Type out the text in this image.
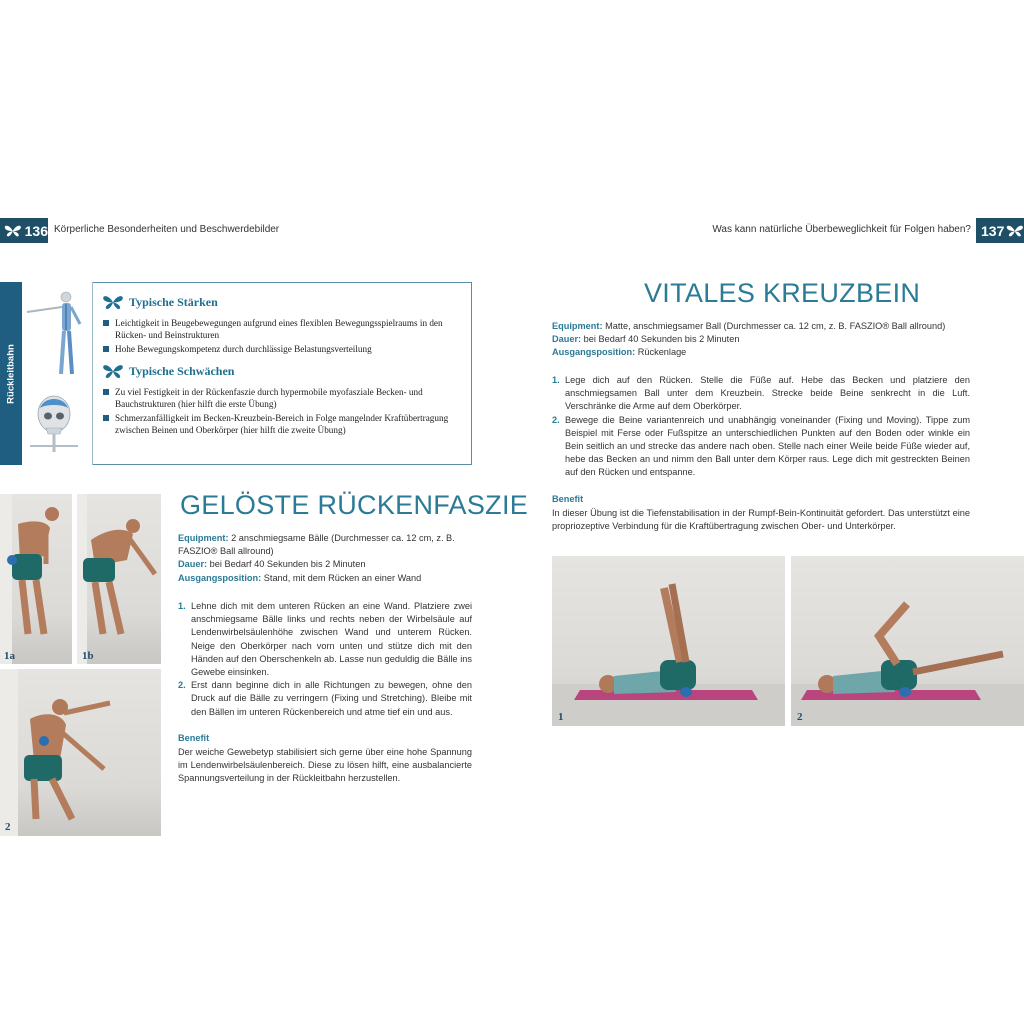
136 Körperliche Besonderheiten und Beschwerdebilder	Was kann natürliche Überbeweglichkeit für Folgen haben? 137
Rückleitbahn
Typische Stärken
Leichtigkeit in Beugebewegungen aufgrund eines flexiblen Bewegungsspielraums in den Rücken- und Beinstrukturen
Hohe Bewegungskompetenz durch durchlässige Belastungsverteilung
Typische Schwächen
Zu viel Festigkeit in der Rückenfaszie durch hypermobile myofasziale Becken- und Bauchstrukturen (hier hilft die erste Übung)
Schmerzanfälligkeit im Becken-Kreuzbein-Bereich in Folge mangelnder Kraftübertragung zwischen Beinen und Oberkörper (hier hilft die zweite Übung)
1a	1b
2
GELÖSTE RÜCKENFASZIE
Equipment: 2 anschmiegsame Bälle (Durchmesser ca. 12 cm, z. B. FASZIO® Ball allround)
Dauer: bei Bedarf 40 Sekunden bis 2 Minuten
Ausgangsposition: Stand, mit dem Rücken an einer Wand
1. Lehne dich mit dem unteren Rücken an eine Wand. Platziere zwei anschmiegsame Bälle links und rechts neben der Wirbelsäule auf Lendenwirbelsäulenhöhe zwischen Wand und unterem Rücken. Neige den Oberkörper nach vorn unten und stütze dich mit den Händen auf den Oberschenkeln ab. Lasse nun geduldig die Bälle ins Gewebe einsinken.
2. Erst dann beginne dich in alle Richtungen zu bewegen, ohne den Druck auf die Bälle zu verringern (Fixing und Stretching). Bleibe mit den Bällen im unteren Rückenbereich und atme tief ein und aus.
Benefit
Der weiche Gewebetyp stabilisiert sich gerne über eine hohe Spannung im Lendenwirbelsäulenbereich. Diese zu lösen hilft, eine ausbalancierte Spannungsverteilung in der Rückleitbahn herzustellen.
VITALES KREUZBEIN
Equipment: Matte, anschmiegsamer Ball (Durchmesser ca. 12 cm, z. B. FASZIO® Ball allround)
Dauer: bei Bedarf 40 Sekunden bis 2 Minuten
Ausgangsposition: Rückenlage
1. Lege dich auf den Rücken. Stelle die Füße auf. Hebe das Becken und platziere den anschmiegsamen Ball unter dem Kreuzbein. Strecke beide Beine senkrecht in die Luft. Verschränke die Arme auf dem Oberkörper.
2. Bewege die Beine variantenreich und unabhängig voneinander (Fixing und Moving). Tippe zum Beispiel mit Ferse oder Fußspitze an unterschiedlichen Punkten auf den Boden oder winkle ein Bein seitlich an und strecke das andere nach oben. Stelle nach einer Weile beide Füße wieder auf, hebe das Becken an und nimm den Ball unter dem Körper raus. Lege dich mit gestreckten Beinen auf den Rücken und entspanne.
Benefit
In dieser Übung ist die Tiefenstabilisation in der Rumpf-Bein-Kontinuität gefordert. Das unterstützt eine propriozeptive Verbindung für die Kraftübertragung zwischen Ober- und Unterkörper.
1	2
